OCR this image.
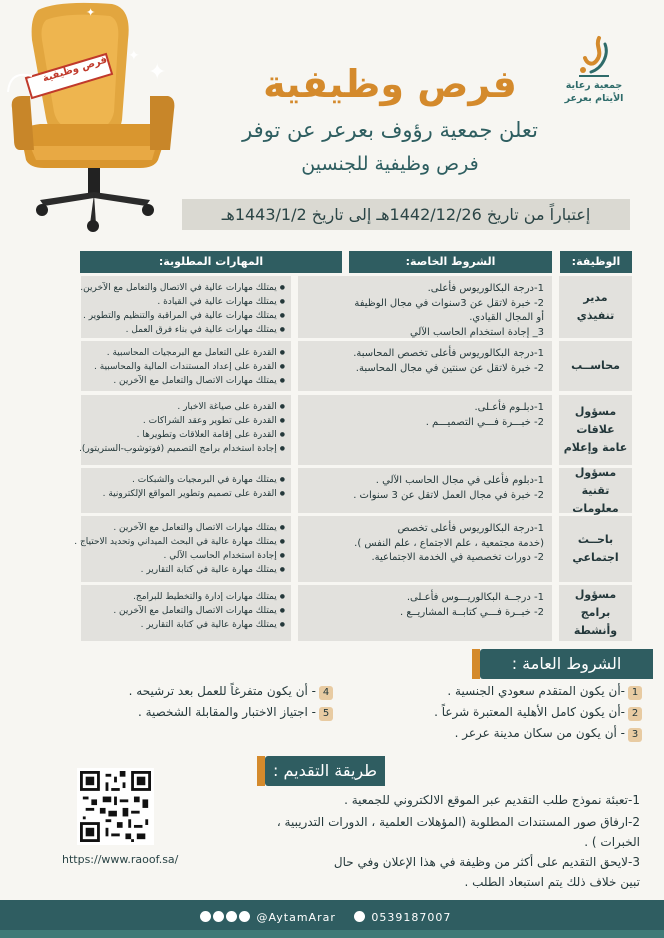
جمعية رعاية
الأيتام بعرعر
فرص وظيفية	✦
✦
✦
فرص وظيفية
تعلن جمعية رؤوف بعرعر عن توفر
فرص وظيفية للجنسين
إعتباراً من تاريخ 1442/12/26هـ إلى تاريخ 1443/1/2هـ
الوظيفة:
الشروط الخاصة:
المهارات المطلوبة:
مدير تنفيذي
1-درجة البكالوريوس فأعلى.
2- خبرة لاتقل عن 3سنوات في مجال الوظيفة
أو المجال القيادي.
3_ إجادة استخدام الحاسب الآلي
● يمتلك مهارات عالية في الاتصال والتعامل مع الآخرين.
● يمتلك مهارات عالية في القيادة .
● يمتلك مهارات عالية في المراقبة والتنظيم والتطوير .
● يمتلك مهارات عالية في بناء فرق العمل .
محاســب
1-درجة البكالوريوس فأعلى تخصص المحاسبة.
2- خبرة لاتقل عن سنتين في مجال المحاسبة.
● القدرة على التعامل مع البرمجيات المحاسبية .
● القدرة على إعداد المستندات المالية والمحاسبية .
● يمتلك مهارات الاتصال والتعامل مع الآخرين .
مسؤول علاقات عامة وإعلام
1-دبلـوم فأعـلى.
2- خبـــرة فـــي التصميـــم .
● القدرة على صياغة الاخبار .
● القدرة على تطوير وعقد الشراكات .
● القدرة على إقامة العلاقات وتطويرها .
● إجادة استخدام برامج التصميم (فوتوشوب-الستريتور).
مسؤول تقنية معلومات
1-دبلوم فأعلى في مجال الحاسب الآلي .
2- خبرة في مجال العمل لاتقل عن 3 سنوات .
● يمتلك مهارة في البرمجيات والشبكات .
● القدرة على تصميم وتطوير المواقع الإلكترونية .
باحــث اجتماعي
1-درجة البكالوريوس فأعلى تخصص
(خدمة مجتمعية ، علم الاجتماع ، علم النفس ).
2- دورات تخصصية في الخدمة الاجتماعية.
● يمتلك مهارات الاتصال والتعامل مع الآخرين .
● يمتلك مهارة عالية في البحث الميداني وتحديد الاحتياج .
● إجادة استخدام الحاسب الآلي .
● يمتلك مهارة عالية في كتابة التقارير .
مسؤول برامج وأنشطة
1- درجــة البكالوريـــوس فأعـلى.
2- خبــرة فـــي كتابــة المشاريــع .
● يمتلك مهارات إدارة والتخطيط للبرامج.
● يمتلك مهارات الاتصال والتعامل مع الآخرين .
● يمتلك مهارة عالية في كتابة التقارير .
الشروط العامة :
1-أن يكون المتقدم سعودي الجنسية .
2-أن يكون كامل الأهلية المعتبرة شرعاً .
3- أن يكون من سكان مدينة عرعر .
4- أن يكون متفرغاً للعمل بعد ترشيحه .
5- اجتياز الاختبار والمقابلة الشخصية .
طريقة التقديم :
1-تعبئة نموذج طلب التقديم عبر الموقع الالكتروني للجمعية .
2-ارفاق صور المستندات المطلوبة (المؤهلات العلمية ، الدورات التدريبية ،
الخبرات ) .
3-لايحق التقديم على أكثر من وظيفة في هذا الإعلان وفي حال
تبين خلاف ذلك يتم استبعاد الطلب .
https://www.raoof.sa/
@AytamArar	0539187007
